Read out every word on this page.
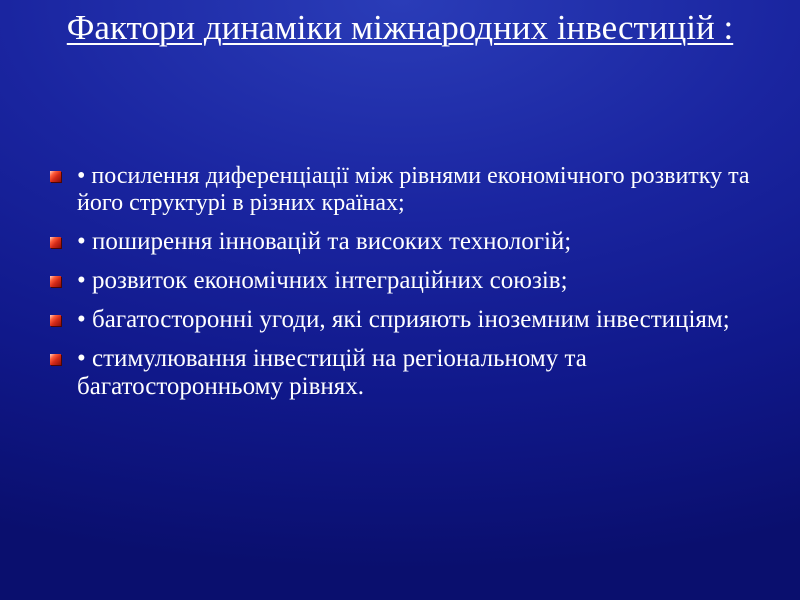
Фактори динаміки міжнародних інвестицій :
• посилення диференціації між рівнями економічного розвитку та його структурі в різних країнах;
• поширення інновацій та високих технологій;
• розвиток економічних інтеграційних союзів;
• багатосторонні угоди, які сприяють іноземним інвестиціям;
• стимулювання інвестицій на регіональному та багатосторонньому рівнях.
